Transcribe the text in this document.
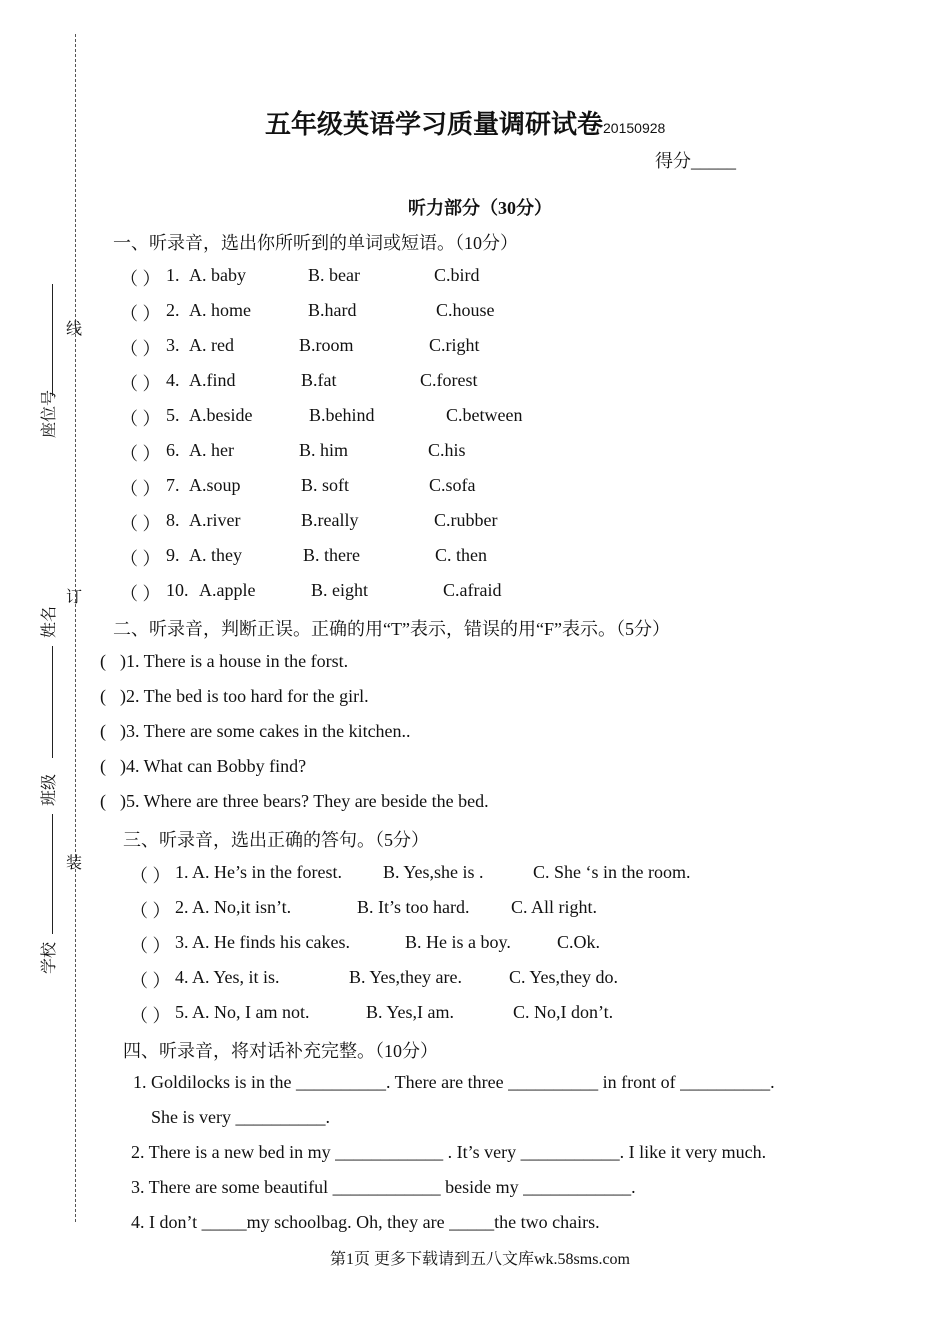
线
订
装
座位号
姓名
班级
学校
五年级英语学习质量调研试卷20150928
得分_____
听力部分（30分）
一、听录音，选出你所听到的单词或短语。（10分）
（ ） 1. A. baby	B. bear	C.bird
（ ） 2. A. home	B.hard	C.house
（ ） 3. A. red	B.room	C.right
（ ） 4. A.find	B.fat	C.forest
（ ） 5. A.beside	B.behind	C.between
（ ） 6. A. her	B. him	C.his
（ ） 7. A.soup	B. soft	C.sofa
（ ） 8. A.river	B.really	C.rubber
（ ） 9. A. they	B. there	C. then
（ ） 10. A.apple	B. eight	C.afraid
二、听录音，判断正误。正确的用“T”表示，错误的用“F”表示。（5分）
( )1. There is a house in the forst.
( )2. The bed is too hard for the girl.
( )3. There are some cakes in the kitchen..
( )4. What can Bobby find?
( )5. Where are three bears? They are beside the bed.
三、听录音，选出正确的答句。（5分）
（ ） 1. A. He’s in the forest. B. Yes,she is .	C. She ‘s in the room.
（ ） 2. A. No,it isn’t.	B. It’s too hard. C. All right.
（ ） 3. A. He finds his cakes.	B. He is a boy.	C.Ok.
（ ） 4. A. Yes, it is.	B. Yes,they are.	C. Yes,they do.
（ ） 5. A. No, I am not.	B. Yes,I am.	C. No,I don’t.
四、听录音，将对话补充完整。（10分）
1. Goldilocks is in the __________. There are three __________ in front of __________.
She is very __________.
2. There is a new bed in my ____________ . It’s very ___________. I like it very much.
3. There are some beautiful ____________ beside my ____________.
4. I don’t _____my schoolbag. Oh, they are _____the two chairs.
第1页 更多下载请到五八文库wk.58sms.com
